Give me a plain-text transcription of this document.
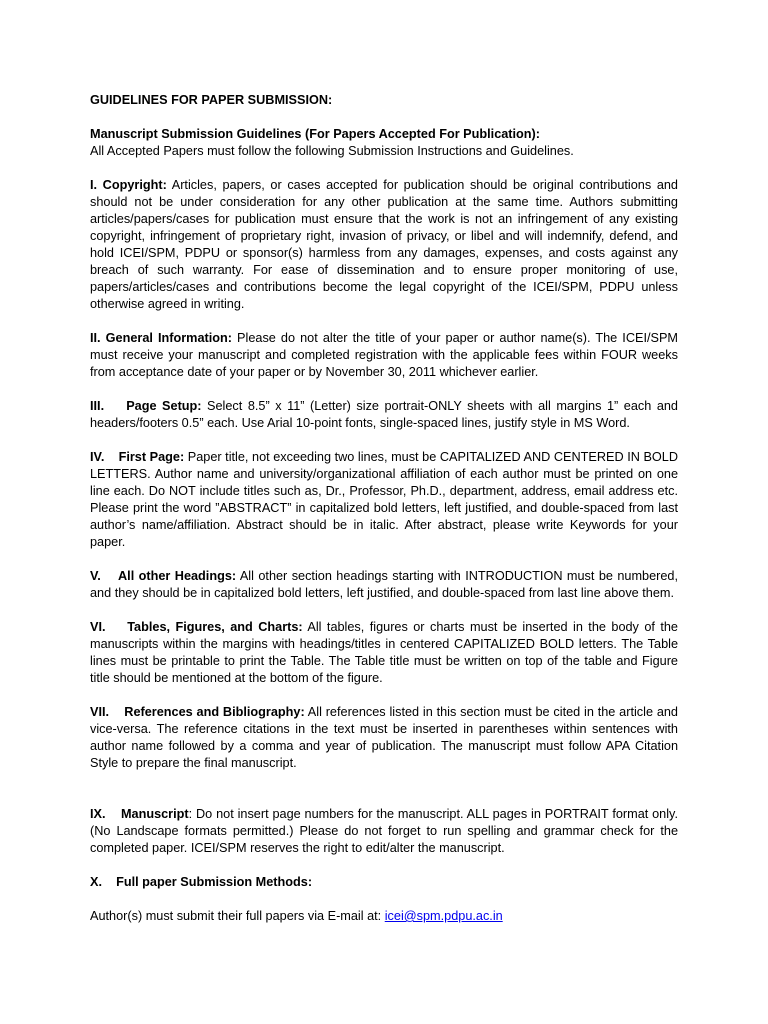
GUIDELINES FOR PAPER SUBMISSION:

Manuscript Submission Guidelines (For Papers Accepted For Publication):

All Accepted Papers must follow the following Submission Instructions and Guidelines.

I. Copyright: Articles, papers, or cases accepted for publication should be original contributions and should not be under consideration for any other publication at the same time. Authors submitting articles/papers/cases for publication must ensure that the work is not an infringement of any existing copyright, infringement of proprietary right, invasion of privacy, or libel and will indemnify, defend, and hold ICEI/SPM, PDPU or sponsor(s) harmless from any damages, expenses, and costs against any breach of such warranty. For ease of dissemination and to ensure proper monitoring of use, papers/articles/cases and contributions become the legal copyright of the ICEI/SPM, PDPU unless otherwise agreed in writing.

II. General Information: Please do not alter the title of your paper or author name(s). The ICEI/SPM must receive your manuscript and completed registration with the applicable fees within FOUR weeks from acceptance date of your paper or by November 30, 2011 whichever earlier.

III.    Page Setup: Select 8.5” x 11” (Letter) size portrait-ONLY sheets with all margins 1” each and headers/footers 0.5” each. Use Arial 10-point fonts, single-spaced lines, justify style in MS Word.

IV.    First Page: Paper title, not exceeding two lines, must be CAPITALIZED AND CENTERED IN BOLD LETTERS. Author name and university/organizational affiliation of each author must be printed on one line each. Do NOT include titles such as, Dr., Professor, Ph.D., department, address, email address etc. Please print the word ”ABSTRACT” in capitalized bold letters, left justified, and double-spaced from last author’s name/affiliation. Abstract should be in italic. After abstract, please write Keywords for your paper.

V.    All other Headings: All other section headings starting with INTRODUCTION must be numbered, and they should be in capitalized bold letters, left justified, and double-spaced from last line above them.

VI.    Tables, Figures, and Charts: All tables, figures or charts must be inserted in the body of the manuscripts within the margins with headings/titles in centered CAPITALIZED BOLD letters. The Table lines must be printable to print the Table. The Table title must be written on top of the table and Figure title should be mentioned at the bottom of the figure.

VII.    References and Bibliography: All references listed in this section must be cited in the article and vice-versa. The reference citations in the text must be inserted in parentheses within sentences with author name followed by a comma and year of publication. The manuscript must follow APA Citation Style to prepare the final manuscript.

IX.    Manuscript: Do not insert page numbers for the manuscript. ALL pages in PORTRAIT format only. (No Landscape formats permitted.) Please do not forget to run spelling and grammar check for the completed paper. ICEI/SPM reserves the right to edit/alter the manuscript.

X.    Full paper Submission Methods:

Author(s) must submit their full papers via E-mail at: icei@spm.pdpu.ac.in
